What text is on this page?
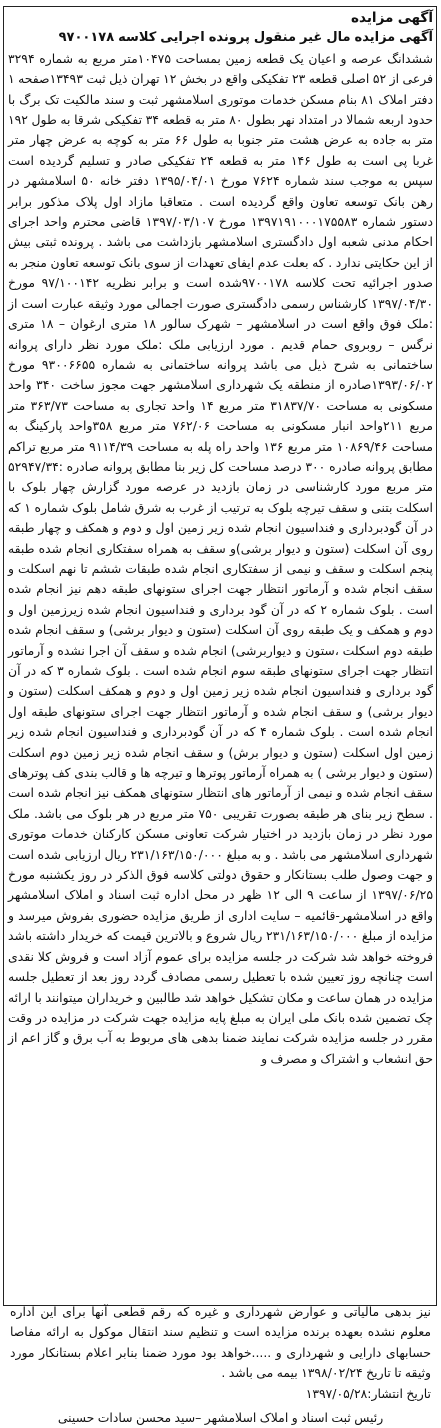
آگهی مزایده

آگهی مزایده مال غیر منقول پرونده اجرایی کلاسه ۹۷۰۰۱۷۸

ششدانگ عرصه و اعیان یک قطعه زمین بمساحت ۱۰۴۷۵متر مربع به شماره ۳۲۹۴ فرعی از ۵۲ اصلی قطعه ۲۳ تفکیکی واقع در بخش ۱۲ تهران ذیل ثبت ۱۳۴۹۳صفحه ۱ دفتر املاک ۸۱ بنام مسکن خدمات موتوری اسلامشهر ثبت و سند مالکیت تک برگ با حدود اربعه شمالا در امتداد نهر بطول ۸۰ متر به قطعه ۳۴ تفکیکی شرقا به طول ۱۹۲ متر به جاده به عرض هشت متر جنوبا به طول ۶۶ متر به کوچه به عرض چهار متر غربا پی است به طول ۱۴۶ متر به قطعه ۲۴ تفکیکی صادر و تسلیم گردیده است سپس به موجب سند شماره ۷۶۲۴ مورخ ۱۳۹۵/۰۴/۰۱ دفتر خانه ۵۰ اسلامشهر در رهن بانک توسعه تعاون واقع گردیده است . متعاقبا مازاد اول پلاک مذکور برابر دستور شماره ۱۳۹۷۱۹۱۰۰۰۱۷۵۵۸۳ مورخ ۱۳۹۷/۰۳/۱۰۷ قاضی محترم واحد اجرای احکام مدنی شعبه اول دادگستری اسلامشهر بازداشت می باشد . پرونده ثبتی بیش از این حکایتی ندارد . که بعلت عدم ایفای تعهدات از سوی بانک توسعه تعاون منجر به صدور اجرائیه تحت کلاسه ۹۷۰۰۱۷۸شده است و برابر نظریه ۹۷/۱۰۰۱۴۲ مورخ ۱۳۹۷/۰۴/۳۰ کارشناس رسمی دادگستری صورت اجمالی مورد وثیقه عبارت است از :ملک فوق واقع است در اسلامشهر – شهرک سالور ۱۸ متری ارغوان – ۱۸ متری نرگس – روبروی حمام قدیم . مورد ارزیابی ملک :ملک مورد نظر دارای پروانه ساختمانی به شرح ذیل می باشد پروانه ساختمانی به شماره ۹۳۰۰۶۶۵۵ مورخ ۱۳۹۳/۰۶/۰۲صادره از منطقه یک شهرداری اسلامشهر جهت مجوز ساخت ۳۴۰ واحد مسکونی به مساحت ۳۱۸۳۷/۷۰ متر مربع ۱۴ واحد تجاری به مساحت ۳۶۳/۷۳ متر مربع ۲۱۱واحد انبار مسکونی به مساحت ۷۶۲/۰۶ متر مربع ۳۵۸واحد پارکینگ به مساحت ۱۰۸۶۹/۴۶ متر مربع ۱۳۶ واحد راه پله به مساحت ۹۱۱۴/۳۹ متر مربع تراکم مطابق پروانه صادره ۳۰۰ درصد مساحت کل زیر بنا مطابق پروانه صادره :۵۲۹۴۷/۳۴ متر مربع مورد کارشناسی در زمان بازدید در عرصه مورد گزارش چهار بلوک با اسکلت بتنی و سقف تیرچه بلوک به ترتیب از غرب به شرق شامل بلوک شماره ۱ که در آن گودبرداری و فنداسیون انجام شده زیر زمین اول و دوم و همکف و چهار طبقه روی آن اسکلت (ستون و دیوار برشی)و سقف به همراه سفتکاری انجام شده طبقه پنجم اسکلت و سقف و نیمی از سفتکاری انجام شده طبقات ششم تا نهم اسکلت و سقف انجام شده و آرماتور انتظار جهت اجرای ستونهای طبقه دهم نیز انجام شده است . بلوک شماره ۲ که در آن گود برداری و فنداسیون انجام شده زیرزمین اول و دوم و همکف و یک طبقه روی آن اسکلت (ستون و دیوار برشی) و سقف انجام شده طبقه دوم اسکلت ،ستون و دیواربرشی) انجام شده و سقف آن اجرا نشده و آرماتور انتظار جهت اجرای ستونهای طبقه سوم انجام شده است . بلوک شماره ۳ که در آن گود برداری و فنداسیون انجام شده زیر زمین اول و دوم و همکف اسکلت (ستون و دیوار برشی) و سقف انجام شده و آرماتور انتظار جهت اجرای ستونهای طبقه اول انجام شده است . بلوک شماره ۴ که در آن گودبرداری و فنداسیون انجام شده زیر زمین اول اسکلت (ستون و دیوار برش) و سقف انجام شده زیر زمین دوم اسکلت (ستون و دیوار برشی ) به همراه آرماتور پوترها و تیرچه ها و قالب بندی کف پوترهای سقف انجام شده و نیمی از آرماتور های انتظار ستونهای همکف نیز انجام شده است . سطح زیر بنای هر طبقه بصورت تقریبی ۷۵۰ متر مربع در هر بلوک می باشد. ملک مورد نظر در زمان بازدید در اختیار شرکت تعاونی مسکن کارکنان خدمات موتوری شهرداری اسلامشهر می باشد . و به مبلغ ۲۳۱/۱۶۳/۱۵۰/۰۰۰ ریال ارزیابی شده است و جهت وصول طلب بستانکار و حقوق دولتی کلاسه فوق الذکر در روز یکشنبه مورخ ۱۳۹۷/۰۶/۲۵ از ساعت ۹ الی ۱۲ ظهر در محل اداره ثبت اسناد و املاک اسلامشهر واقع در اسلامشهر-قائمیه – سایت اداری از طریق مزایده حضوری بفروش میرسد و مزایده از مبلغ ۲۳۱/۱۶۳/۱۵۰/۰۰۰ ریال شروع و بالاترین قیمت که خریدار داشته باشد فروخته خواهد شد شرکت در جلسه مزایده برای عموم آزاد است و فروش کلا نقدی است چنانچه روز تعیین شده با تعطیل رسمی مصادف گردد روز بعد از تعطیل جلسه مزایده در همان ساعت و مکان تشکیل خواهد شد طالبین و خریداران میتوانند با ارائه چک تضمین شده بانک ملی ایران به مبلغ پایه مزایده جهت شرکت در مزایده در وقت مقرر در جلسه مزایده شرکت نمایند ضمنا بدهی های مربوط به آب برق و گاز اعم از حق انشعاب و اشتراک و مصرف و

نیز بدهی مالیاتی و عوارض شهرداری و غیره که رقم قطعی آنها برای این اداره معلوم نشده بعهده برنده مزایده است و تنظیم سند انتقال موکول به ارائه مفاصا حسابهای دارایی و شهرداری و .....خواهد بود مورد ضمنا بنابر اعلام بستانکار مورد وثیقه تا تاریخ ۱۳۹۸/۰۲/۲۴ بیمه می باشد .

تاریخ انتشار:۱۳۹۷/۰۵/۲۸

رئیس ثبت اسناد و املاک اسلامشهر –سید محسن سادات حسینی
